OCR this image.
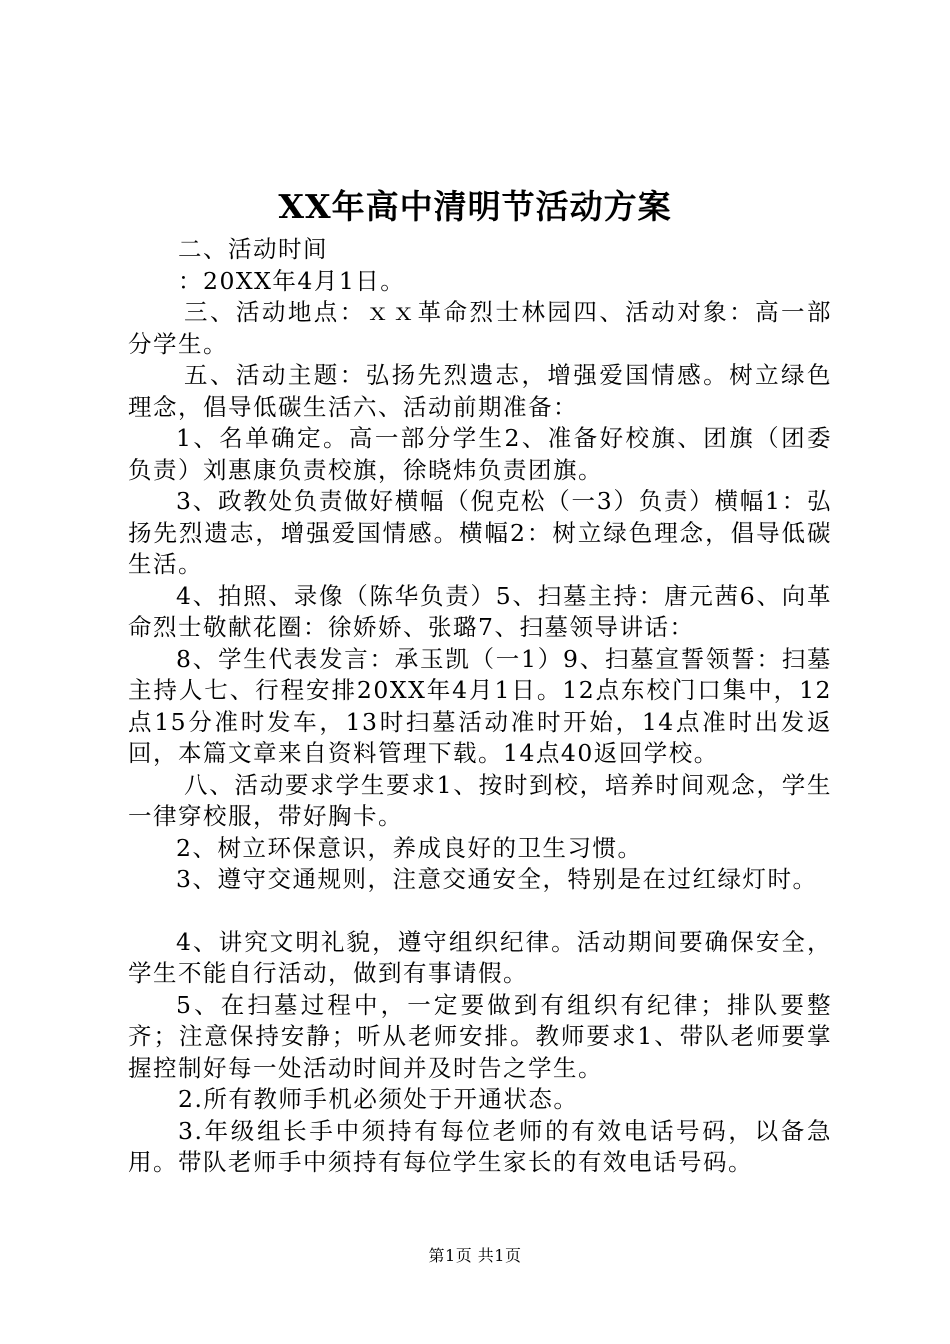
XX年高中清明节活动方案

二、活动时间

：20XX年4月1日。

三、活动地点：ｘｘ革命烈士林园四、活动对象：高一部分学生。

五、活动主题：弘扬先烈遗志，增强爱国情感。树立绿色理念，倡导低碳生活六、活动前期准备：

1、名单确定。高一部分学生2、准备好校旗、团旗（团委负责）刘惠康负责校旗，徐晓炜负责团旗。

3、政教处负责做好横幅（倪克松（一3）负责）横幅1：弘扬先烈遗志，增强爱国情感。横幅2：树立绿色理念，倡导低碳生活。

4、拍照、录像（陈华负责）5、扫墓主持：唐元茜6、向革命烈士敬献花圈：徐娇娇、张璐7、扫墓领导讲话：

8、学生代表发言：承玉凯（一1）9、扫墓宣誓领誓：扫墓主持人七、行程安排20XX年4月1日。12点东校门口集中，12点15分准时发车，13时扫墓活动准时开始，14点准时出发返回，本篇文章来自资料管理下载。14点40返回学校。

八、活动要求学生要求1、按时到校，培养时间观念，学生一律穿校服，带好胸卡。

2、树立环保意识，养成良好的卫生习惯。

3、遵守交通规则，注意交通安全，特别是在过红绿灯时。

4、讲究文明礼貌，遵守组织纪律。活动期间要确保安全，学生不能自行活动，做到有事请假。

5、在扫墓过程中，一定要做到有组织有纪律；排队要整齐；注意保持安静；听从老师安排。教师要求1、带队老师要掌握控制好每一处活动时间并及时告之学生。

2.所有教师手机必须处于开通状态。

3.年级组长手中须持有每位老师的有效电话号码，以备急用。带队老师手中须持有每位学生家长的有效电话号码。

第1页 共1页
